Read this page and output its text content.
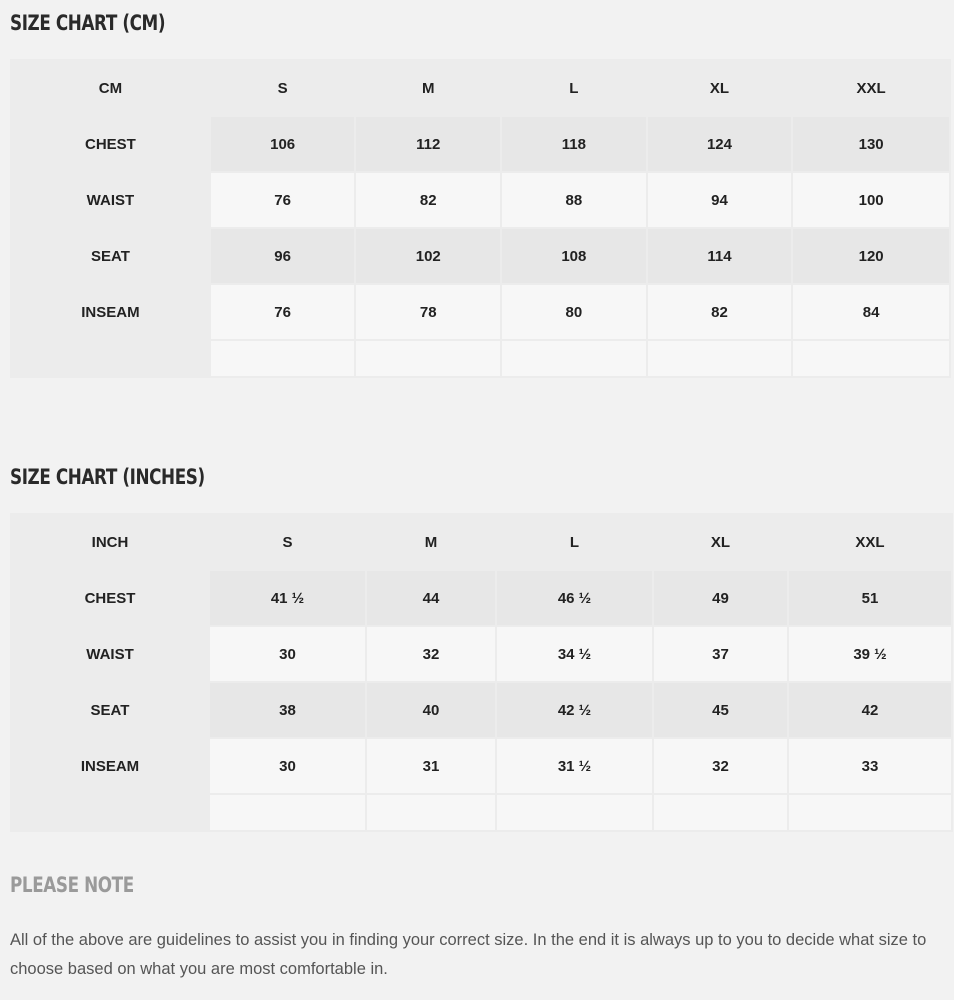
SIZE CHART (CM)
CM	S	M	L	XL	XXL
CHEST	106	112	118	124	130
WAIST	76	82	88	94	100
SEAT	96	102	108	114	120
INSEAM	76	78	80	82	84

SIZE CHART (INCHES)
INCH	S	M	L	XL	XXL
CHEST	41 ½	44	46 ½	49	51
WAIST	30	32	34 ½	37	39 ½
SEAT	38	40	42 ½	45	42
INSEAM	30	31	31 ½	32	33

PLEASE NOTE

All of the above are guidelines to assist you in finding your correct size. In the end it is always up to you to decide what size to choose based on what you are most comfortable in.
